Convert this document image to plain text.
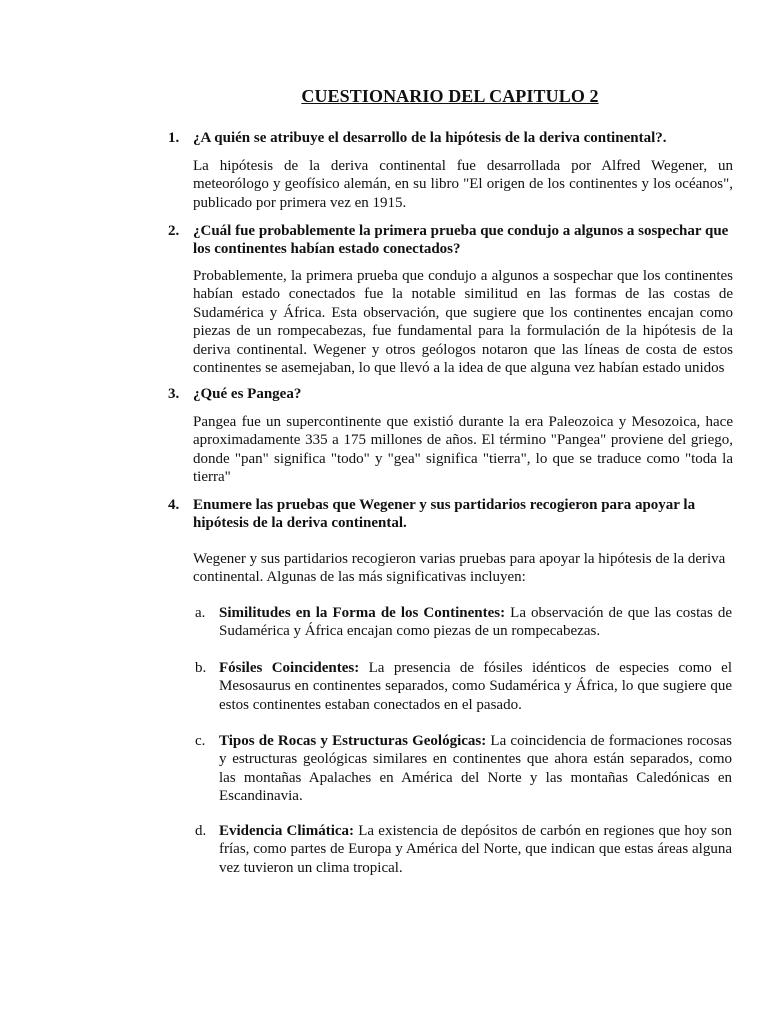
CUESTIONARIO DEL CAPITULO 2
1. ¿A quién se atribuye el desarrollo de la hipótesis de la deriva continental?.
La hipótesis de la deriva continental fue desarrollada por Alfred Wegener, un meteorólogo y geofísico alemán, en su libro "El origen de los continentes y los océanos", publicado por primera vez en 1915.
2. ¿Cuál fue probablemente la primera prueba que condujo a algunos a sospechar que los continentes habían estado conectados?
Probablemente, la primera prueba que condujo a algunos a sospechar que los continentes habían estado conectados fue la notable similitud en las formas de las costas de Sudamérica y África. Esta observación, que sugiere que los continentes encajan como piezas de un rompecabezas, fue fundamental para la formulación de la hipótesis de la deriva continental. Wegener y otros geólogos notaron que las líneas de costa de estos continentes se asemejaban, lo que llevó a la idea de que alguna vez habían estado unidos
3. ¿Qué es Pangea?
Pangea fue un supercontinente que existió durante la era Paleozoica y Mesozoica, hace aproximadamente 335 a 175 millones de años. El término "Pangea" proviene del griego, donde "pan" significa "todo" y "gea" significa "tierra", lo que se traduce como "toda la tierra"
4. Enumere las pruebas que Wegener y sus partidarios recogieron para apoyar la hipótesis de la deriva continental.
Wegener y sus partidarios recogieron varias pruebas para apoyar la hipótesis de la deriva continental. Algunas de las más significativas incluyen:
a. Similitudes en la Forma de los Continentes: La observación de que las costas de Sudamérica y África encajan como piezas de un rompecabezas.
b. Fósiles Coincidentes: La presencia de fósiles idénticos de especies como el Mesosaurus en continentes separados, como Sudamérica y África, lo que sugiere que estos continentes estaban conectados en el pasado.
c. Tipos de Rocas y Estructuras Geológicas: La coincidencia de formaciones rocosas y estructuras geológicas similares en continentes que ahora están separados, como las montañas Apalaches en América del Norte y las montañas Caledónicas en Escandinavia.
d. Evidencia Climática: La existencia de depósitos de carbón en regiones que hoy son frías, como partes de Europa y América del Norte, que indican que estas áreas alguna vez tuvieron un clima tropical.
